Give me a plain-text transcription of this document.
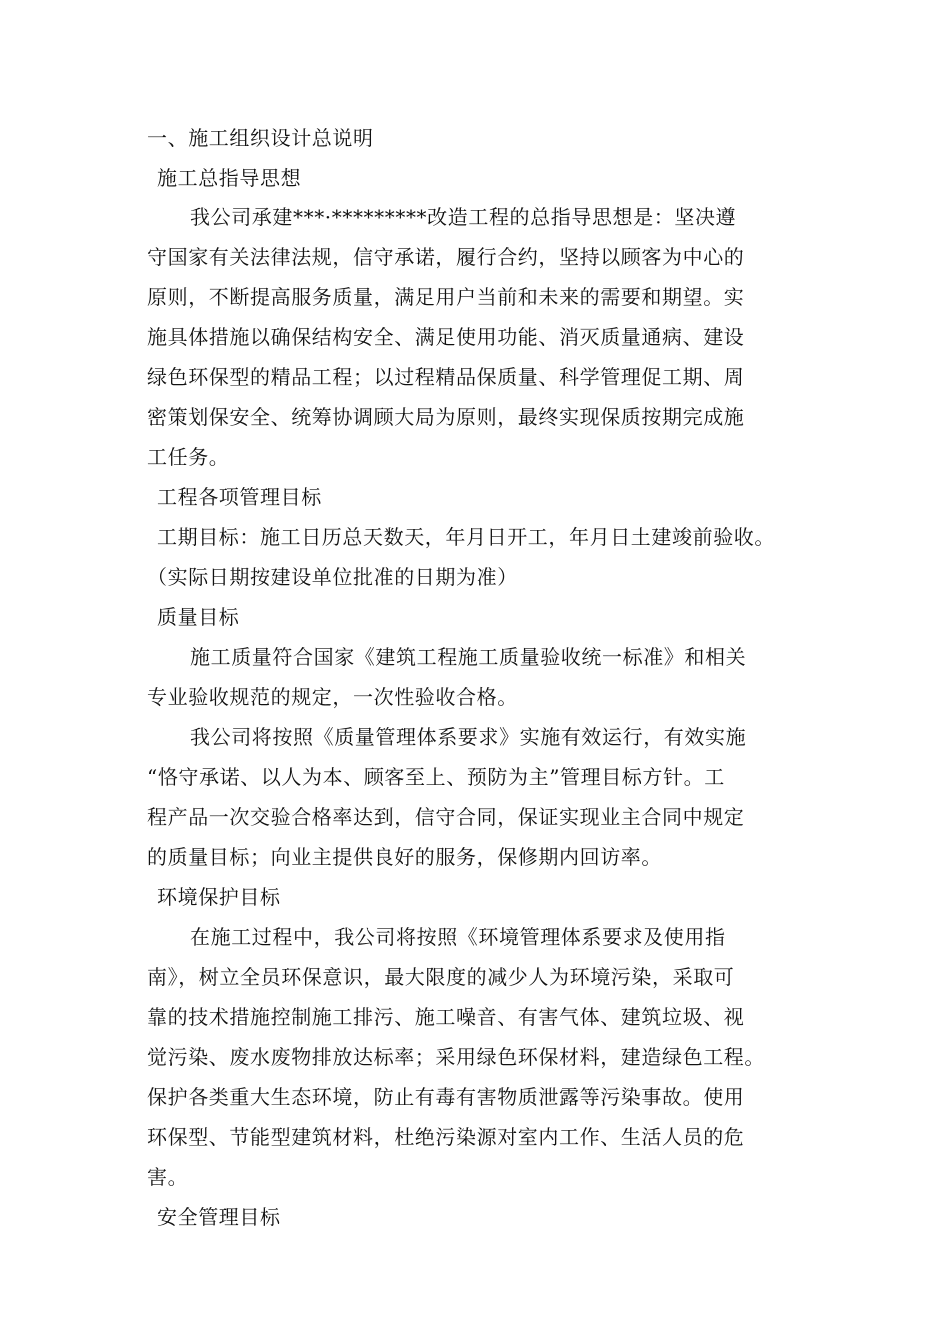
一、施工组织设计总说明
施工总指导思想
我公司承建***·*********改造工程的总指导思想是：坚决遵
守国家有关法律法规，信守承诺，履行合约，坚持以顾客为中心的
原则，不断提高服务质量，满足用户当前和未来的需要和期望。实
施具体措施以确保结构安全、满足使用功能、消灭质量通病、建设
绿色环保型的精品工程；以过程精品保质量、科学管理促工期、周
密策划保安全、统筹协调顾大局为原则，最终实现保质按期完成施
工任务。
工程各项管理目标
工期目标：施工日历总天数天，年月日开工，年月日土建竣前验收。
（实际日期按建设单位批准的日期为准）
质量目标
施工质量符合国家《建筑工程施工质量验收统一标准》和相关
专业验收规范的规定，一次性验收合格。
我公司将按照《质量管理体系要求》实施有效运行，有效实施
“恪守承诺、以人为本、顾客至上、预防为主”管理目标方针。工
程产品一次交验合格率达到，信守合同，保证实现业主合同中规定
的质量目标；向业主提供良好的服务，保修期内回访率。
环境保护目标
在施工过程中，我公司将按照《环境管理体系要求及使用指
南》，树立全员环保意识，最大限度的减少人为环境污染，采取可
靠的技术措施控制施工排污、施工噪音、有害气体、建筑垃圾、视
觉污染、废水废物排放达标率；采用绿色环保材料，建造绿色工程。
保护各类重大生态环境，防止有毒有害物质泄露等污染事故。使用
环保型、节能型建筑材料，杜绝污染源对室内工作、生活人员的危
害。
安全管理目标
